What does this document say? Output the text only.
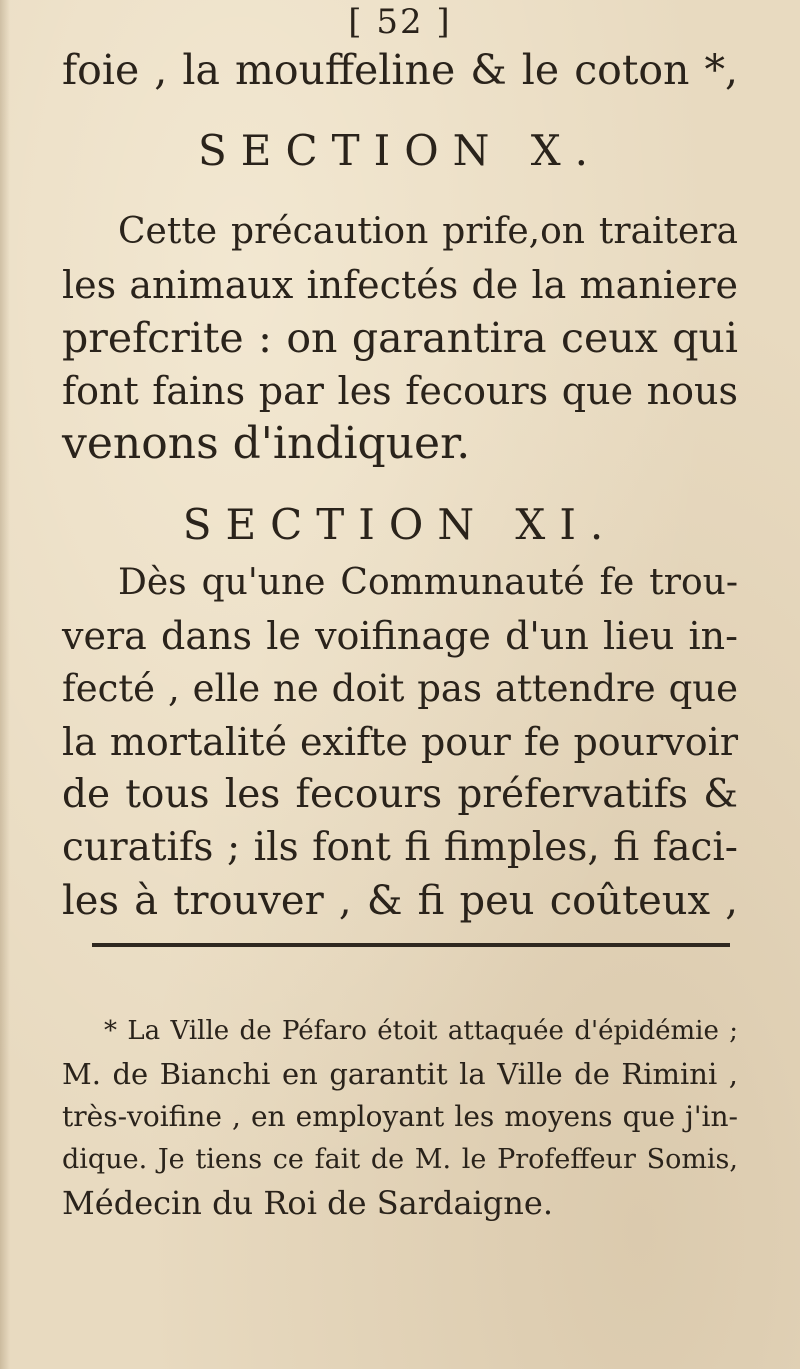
[ 52 ]
foie , la mouffeline & le coton *,
SECTION X.
Cette précaution prife,on traitera
les animaux infectés de la maniere
prefcrite : on garantira ceux qui
font fains par les fecours que nous
venons d'indiquer.
SECTION XI.
Dès qu'une Communauté fe trou-
vera dans le voifinage d'un lieu in-
fecté , elle ne doit pas attendre que
la mortalité exifte pour fe pourvoir
de tous les fecours préfervatifs &
curatifs ; ils font fi fimples, fi faci-
les à trouver , & fi peu coûteux ,
* La Ville de Péfaro étoit attaquée d'épidémie ;
M. de Bianchi en garantit la Ville de Rimini ,
très-voifine , en employant les moyens que j'in-
dique. Je tiens ce fait de M. le Profeffeur Somis,
Médecin du Roi de Sardaigne.
